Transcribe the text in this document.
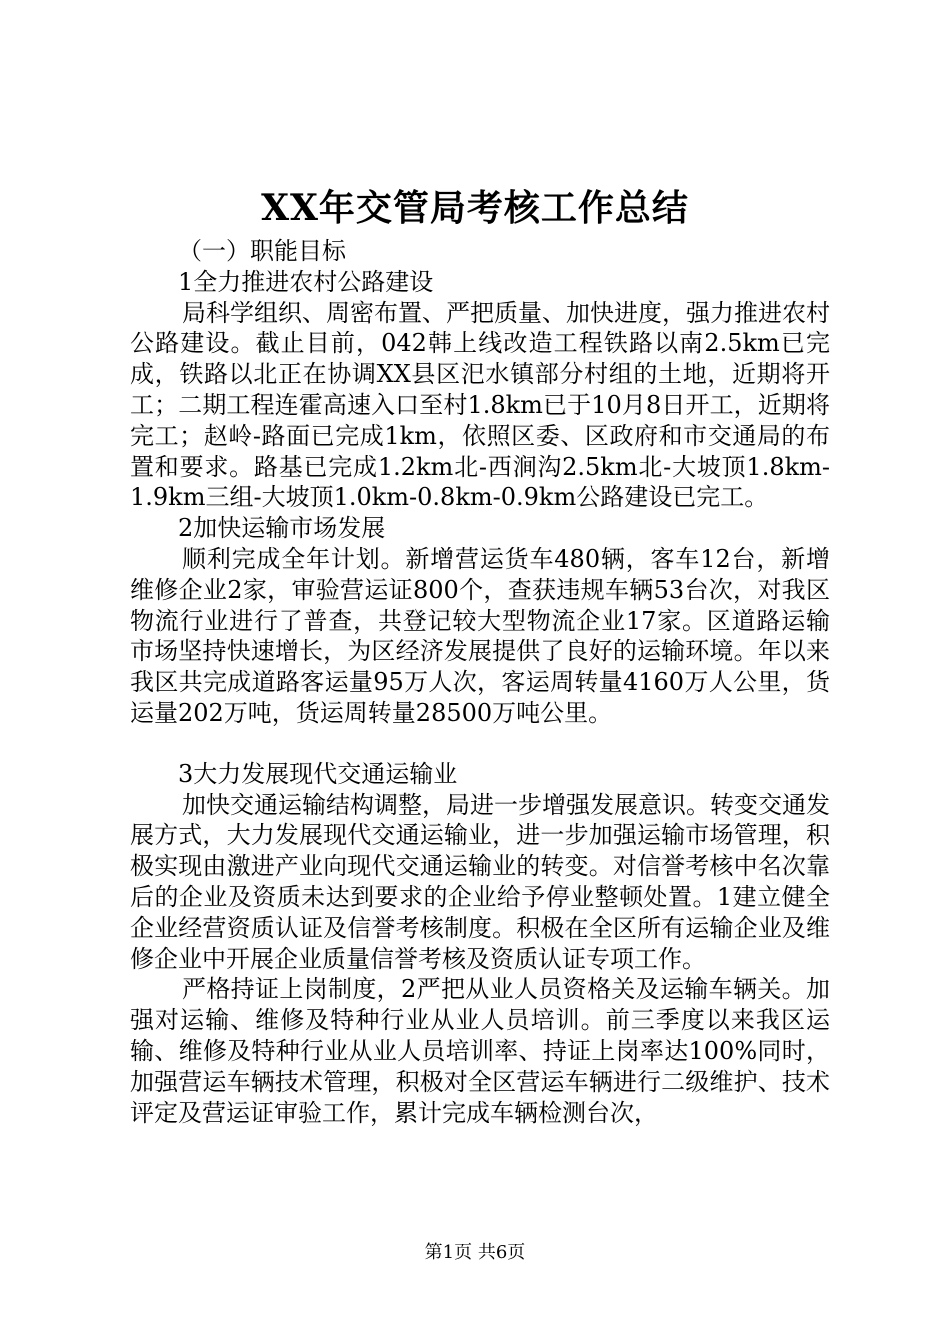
XX年交管局考核工作总结

（一）职能目标

1全力推进农村公路建设

局科学组织、周密布置、严把质量、加快进度，强力推进农村公路建设。截止目前，042韩上线改造工程铁路以南2.5km已完成，铁路以北正在协调XX县区汜水镇部分村组的土地，近期将开工；二期工程连霍高速入口至村1.8km已于10月8日开工，近期将完工；赵岭-路面已完成1km，依照区委、区政府和市交通局的布置和要求。路基已完成1.2km北-西涧沟2.5km北-大坡顶1.8km-1.9km三组-大坡顶1.0km-0.8km-0.9km公路建设已完工。

2加快运输市场发展

顺利完成全年计划。新增营运货车480辆，客车12台，新增维修企业2家，审验营运证800个，查获违规车辆53台次，对我区物流行业进行了普查，共登记较大型物流企业17家。区道路运输市场坚持快速增长，为区经济发展提供了良好的运输环境。年以来我区共完成道路客运量95万人次，客运周转量4160万人公里，货运量202万吨，货运周转量28500万吨公里。

3大力发展现代交通运输业

加快交通运输结构调整，局进一步增强发展意识。转变交通发展方式，大力发展现代交通运输业，进一步加强运输市场管理，积极实现由激进产业向现代交通运输业的转变。对信誉考核中名次靠后的企业及资质未达到要求的企业给予停业整顿处置。1建立健全企业经营资质认证及信誉考核制度。积极在全区所有运输企业及维修企业中开展企业质量信誉考核及资质认证专项工作。

严格持证上岗制度，2严把从业人员资格关及运输车辆关。加强对运输、维修及特种行业从业人员培训。前三季度以来我区运输、维修及特种行业从业人员培训率、持证上岗率达100%同时，加强营运车辆技术管理，积极对全区营运车辆进行二级维护、技术评定及营运证审验工作，累计完成车辆检测台次，

第1页 共6页
